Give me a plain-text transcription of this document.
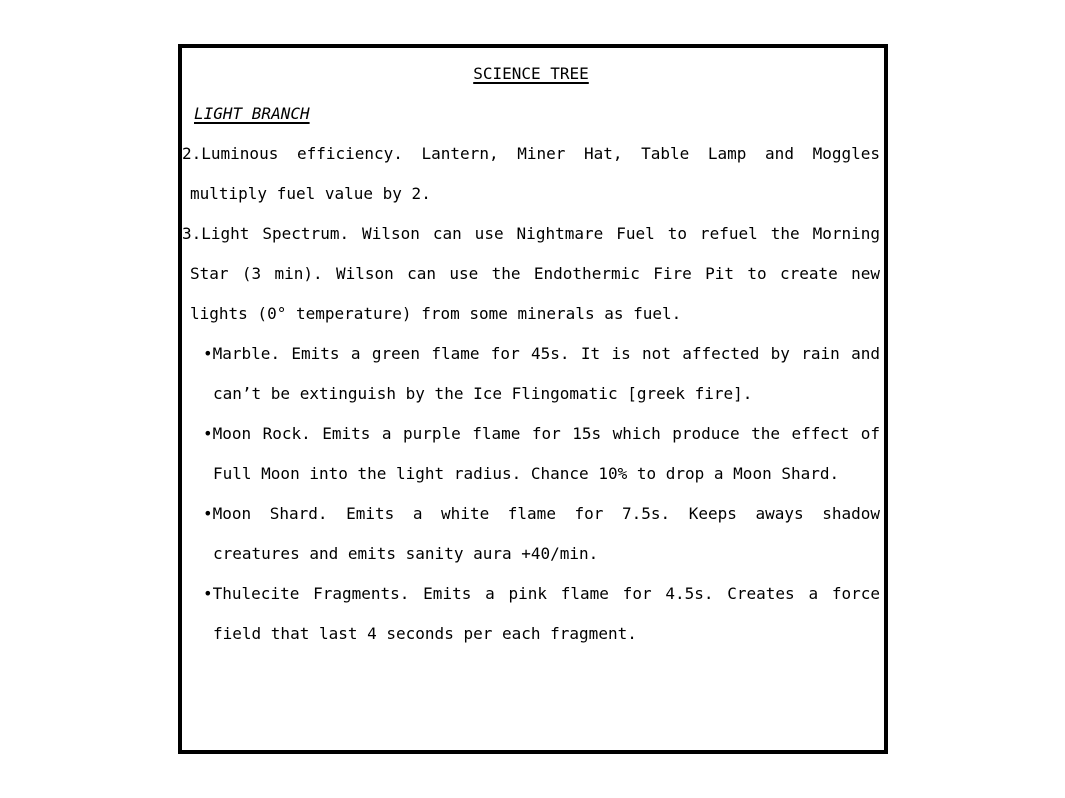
SCIENCE TREE
LIGHT BRANCH

2.Luminous efficiency. Lantern, Miner Hat, Table Lamp and Moggles multiply fuel value by 2.

3.Light Spectrum. Wilson can use Nightmare Fuel to refuel the Morning Star (3 min). Wilson can use the Endothermic Fire Pit to create new lights (0° temperature) from some minerals as fuel.

•Marble. Emits a green flame for 45s. It is not affected by rain and can’t be extinguish by the Ice Flingomatic [greek fire].

•Moon Rock. Emits a purple flame for 15s which produce the effect of Full Moon into the light radius. Chance 10% to drop a Moon Shard.

•Moon Shard. Emits a white flame for 7.5s. Keeps aways shadow creatures and emits sanity aura +40/min.

•Thulecite Fragments. Emits a pink flame for 4.5s. Creates a force field that last 4 seconds per each fragment.
